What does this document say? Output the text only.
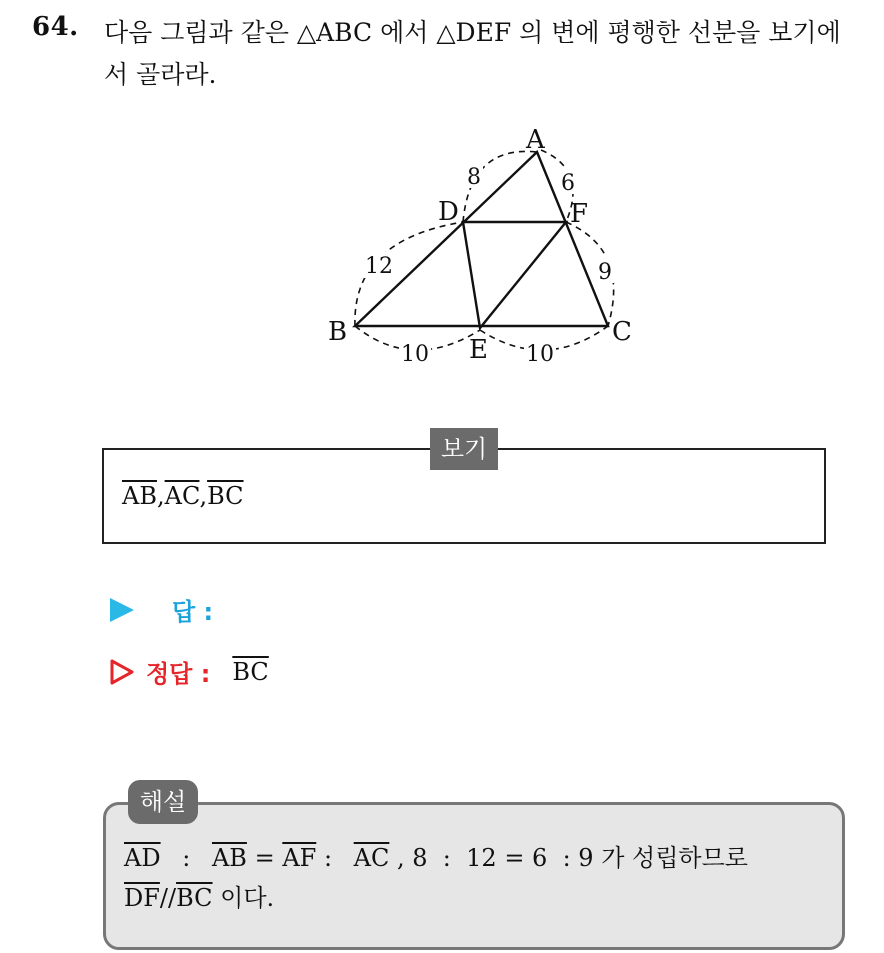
64. 다음 그림과 같은 △ABC 에서 △DEF 의 변에 평행한 선분을 보기에서 골라라.
A
B	C
D
E
F
8	6
12	9
10	10
보기
$\overline{AB},\overline{AC},\overline{BC}$
답 :
정답 : $\overline{BC}$
해설
$\overline{AD}$ : $\overline{AB} = \overline{AF}$ : $\overline{AC}$ , 8  :  12 = 6  : 9 가 성립하므로
$\overline{DF}//\overline{BC}$ 이다.
